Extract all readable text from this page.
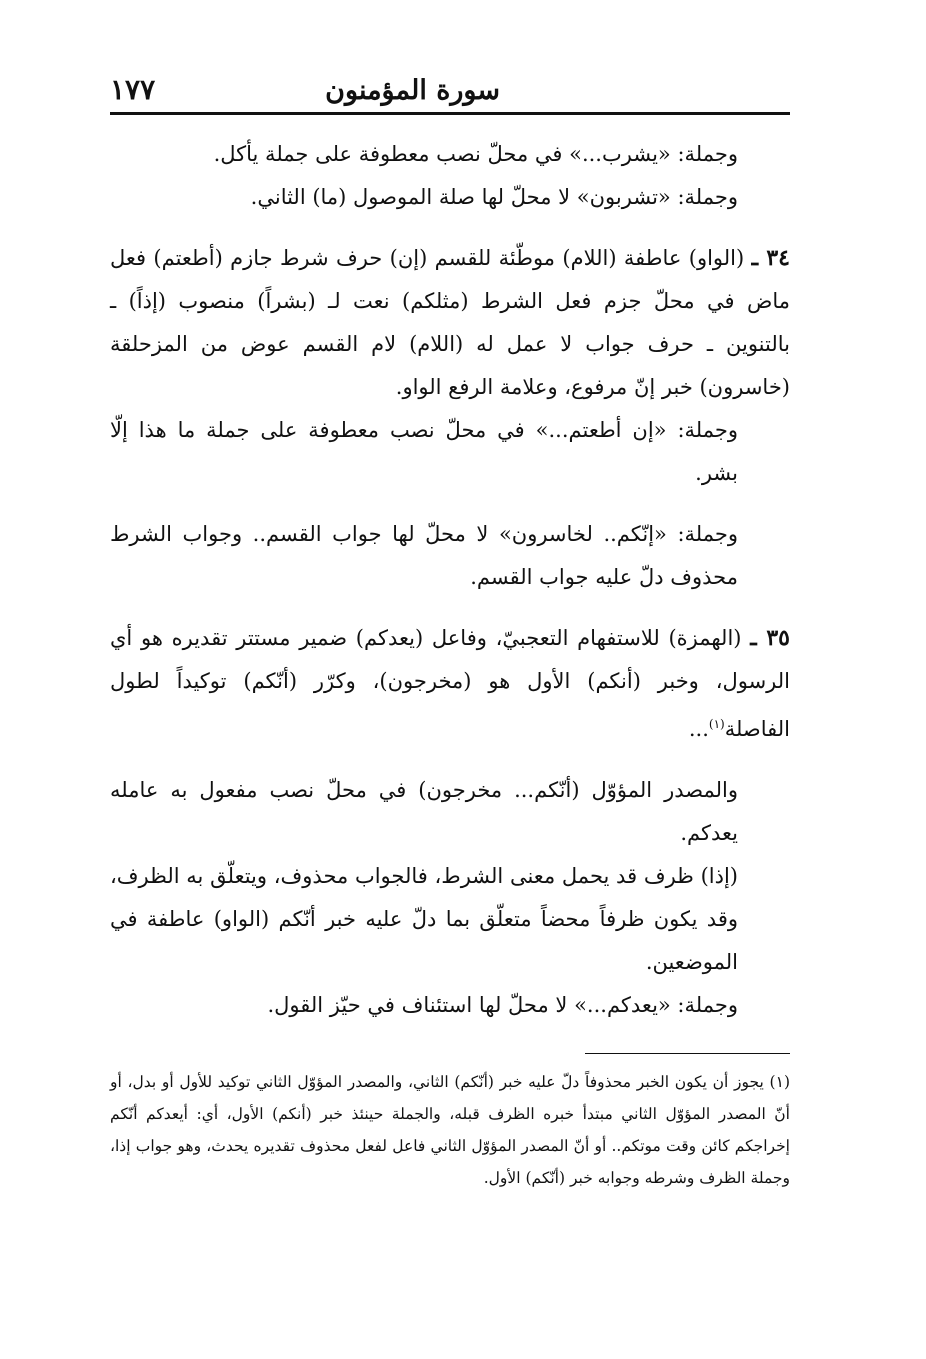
سورة المؤمنون
١٧٧

وجملة: «يشرب...» في محلّ نصب معطوفة على جملة يأكل.

وجملة: «تشربون» لا محلّ لها صلة الموصول (ما) الثاني.

٣٤ ـ (الواو) عاطفة (اللام) موطّئة للقسم (إن) حرف شرط جازم (أطعتم) فعل ماض في محلّ جزم فعل الشرط (مثلكم) نعت لـ (بشراً) منصوب (إذاً) ـ بالتنوين ـ حرف جواب لا عمل له (اللام) لام القسم عوض من المزحلقة (خاسرون) خبر إنّ مرفوع، وعلامة الرفع الواو.

وجملة: «إن أطعتم...» في محلّ نصب معطوفة على جملة ما هذا إلّا بشر.

وجملة: «إنّكم.. لخاسرون» لا محلّ لها جواب القسم.. وجواب الشرط محذوف دلّ عليه جواب القسم.

٣٥ ـ (الهمزة) للاستفهام التعجبيّ، وفاعل (يعدكم) ضمير مستتر تقديره هو أي الرسول، وخبر (أنكم) الأول هو (مخرجون)، وكرّر (أنّكم) توكيداً لطول الفاصلة$^{(١)}$...

والمصدر المؤوّل (أنّكم... مخرجون) في محلّ نصب مفعول به عامله يعدكم.

(إذا) ظرف قد يحمل معنى الشرط، فالجواب محذوف، ويتعلّق به الظرف، وقد يكون ظرفاً محضاً متعلّق بما دلّ عليه خبر أنّكم (الواو) عاطفة في الموضعين.

وجملة: «يعدكم...» لا محلّ لها استئناف في حيّز القول.

(١) يجوز أن يكون الخبر محذوفاً دلّ عليه خبر (أنّكم) الثاني، والمصدر المؤوّل الثاني توكيد للأول أو بدل، أو أنّ المصدر المؤوّل الثاني مبتدأ خبره الظرف قبله، والجملة حينئذ خبر (أنكم) الأول، أي: أيعدكم أنّكم إخراجكم كائن وقت موتكم.. أو أنّ المصدر المؤوّل الثاني فاعل لفعل محذوف تقديره يحدث، وهو جواب إذا، وجملة الظرف وشرطه وجوابه خبر (أنّكم) الأول.
